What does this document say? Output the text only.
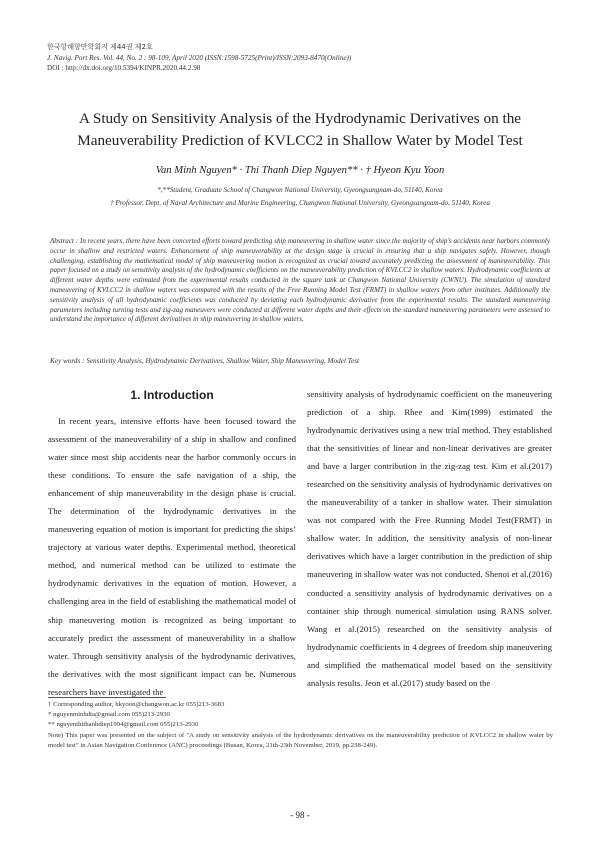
한국항해항만학회지 제44권 제2호
J. Navig. Port Res. Vol. 44, No. 2 : 98-109, April 2020 (ISSN:1598-5725(Print)/ISSN:2093-8470(Online))
DOI : http://dx.doi.org/10.5394/KINPR.2020.44.2.98
A Study on Sensitivity Analysis of the Hydrodynamic Derivatives on the
Maneuverability Prediction of KVLCC2 in Shallow Water by Model Test
Van Minh Nguyen* · Thi Thanh Diep Nguyen** · † Hyeon Kyu Yoon
*,**Student, Graduate School of Changwon National University, Gyeongsangnam-do, 51140, Korea
† Professor, Dept. of Naval Architecture and Marine Engineering, Changwon National University, Gyeongsangnam-do, 51140, Korea
Abstract : In recent years, there have been concerted efforts toward predicting ship maneuvering in shallow water since the majority of ship’s accidents near harbors commonly occur in shallow and restricted waters. Enhancement of ship maneuverability at the design stage is crucial in ensuring that a ship navigates safely. However, though challenging, establishing the mathematical model of ship maneuvering motion is recognized as crucial toward accurately predicting the assessment of maneuverability. This paper focused on a study on sensitivity analysis of the hydrodynamic coefficients on the maneuverability prediction of KVLCC2 in shallow waters. Hydrodynamic coefficients at different water depths were estimated from the experimental results conducted in the square tank at Changwon National University (CWNU). The simulation of standard maneuvering of KVLCC2 in shallow waters was compared with the results of the Free Running Model Test (FRMT) in shallow waters from other institutes. Additionally the sensitivity analysis of all hydrodynamic coefficients was conducted by deviating each hydrodynamic derivative from the experimental results. The standard maneuvering parameters including turning tests and zig-zag maneuvers were conducted at different water depths and their effects on the standard maneuvering parameters were assessed to understand the importance of different derivatives in ship maneuvering in shallow waters.
Key words : Sensitivity Analysis, Hydrodynamic Derivatives, Shallow Water, Ship Maneuvering, Model Test
1. Introduction

In recent years, intensive efforts have been focused toward the assessment of the maneuverability of a ship in shallow and confined water since most ship accidents near the harbor commonly occurs in these conditions. To ensure the safe navigation of a ship, the enhancement of ship maneuverability in the design phase is crucial. The determination of the hydrodynamic derivatives in the maneuvering equation of motion is important for predicting the ships’ trajectory at various water depths. Experimental method, theoretical method, and numerical method can be utilized to estimate the hydrodynamic derivatives in the equation of motion. However, a challenging area in the field of establishing the mathematical model of ship maneuvering motion is recognized as being important to accurately predict the assessment of maneuverability in a shallow water. Through sensitivity analysis of the hydrodynamic derivatives, the derivatives with the most significant impact can be. Numerous researchers have investigated the

sensitivity analysis of hydrodynamic coefficient on the maneuvering prediction of a ship. Rhee and Kim(1999) estimated the hydrodynamic derivatives using a new trial method. They established that the sensitivities of linear and non-linear derivatives are greater and have a larger contribution in the zig-zag test. Kim et al.(2017) researched on the sensitivity analysis of hydrodynamic derivatives on the maneuverability of a tanker in shallow water. Their simulation was not compared with the Free Running Model Test(FRMT) in shallow water. In addition, the sensitivity analysis of non-linear derivatives which have a larger contribution in the prediction of ship maneuvering in shallow water was not conducted. Shenoi et al.(2016) conducted a sensitivity analysis of hydrodynamic derivatives on a container ship through numerical simulation using RANS solver. Wang et al.(2015) researched on the sensitivity analysis of hydrodynamic coefficients in 4 degrees of freedom ship maneuvering and simplified the mathematical model based on the sensitivity analysis results. Jeon et al.(2017) study based on the

† Corresponding author, hkyoon@changwon.ac.kr 055)213-3683
* nguyenminhdta@gmail.com 055)213-2930
** nguyenthithanhdiep1994@gmail.com 055)213-2930
Note) This paper was presented on the subject of "A study on sensitivity analysis of the hydrodynamic derivatives on the maneuverability prediction of KVLCC2 in shallow water by model test" in Asian Navigation Conference (ANC) proceedings (Busan, Korea, 21th-23th November, 2019, pp.238-249).
- 98 -
